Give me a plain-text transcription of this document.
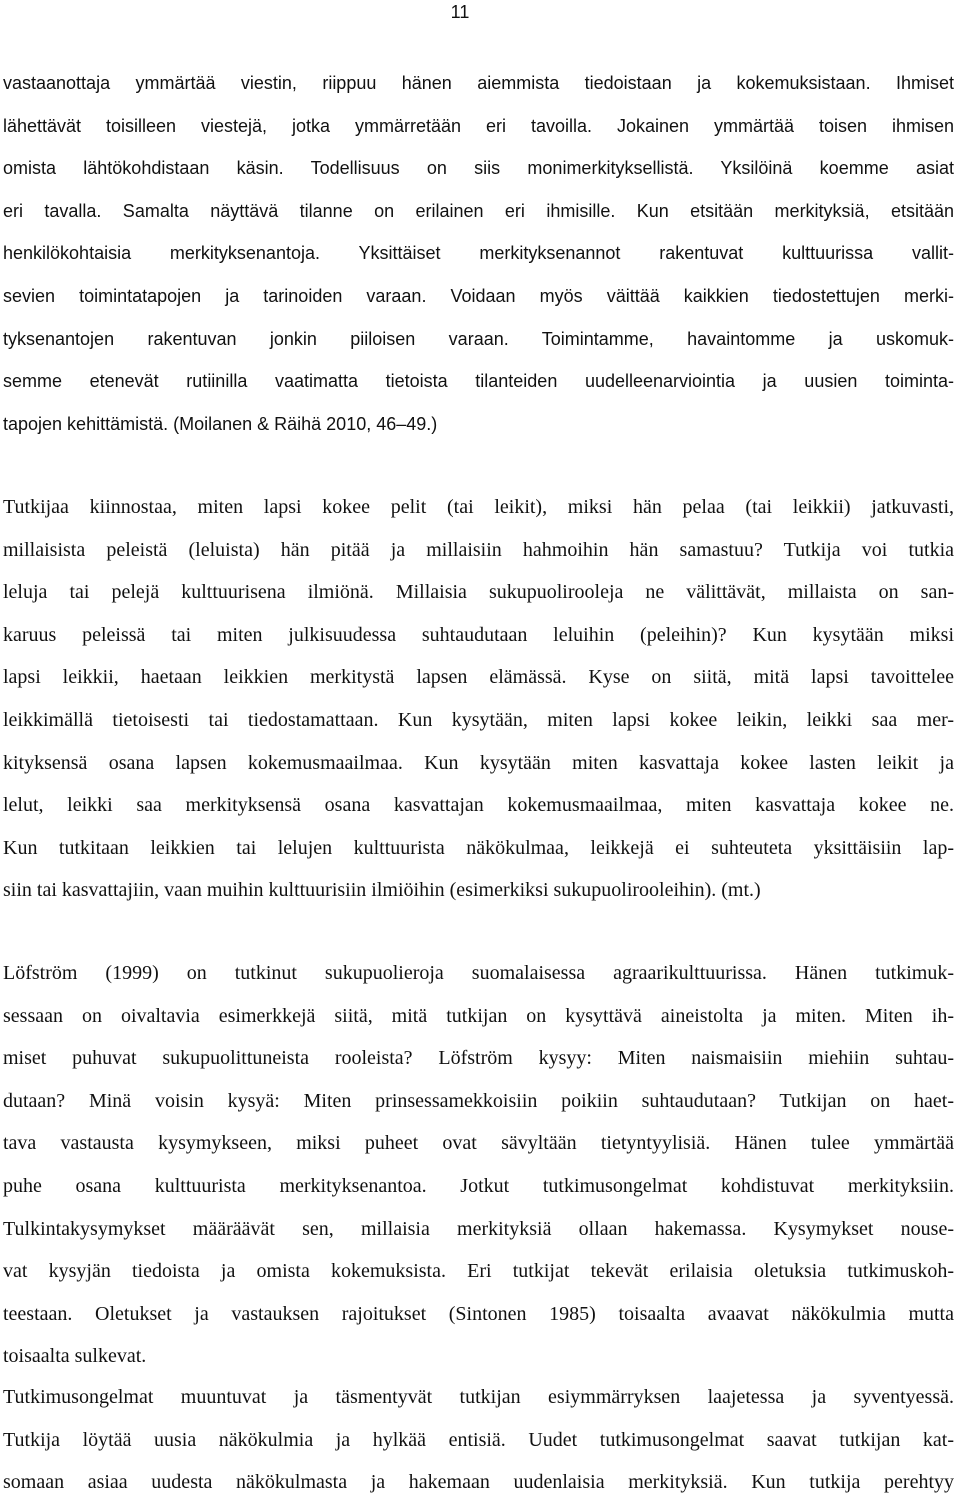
11
vastaanottaja ymmärtää viestin, riippuu hänen aiemmista tiedoistaan ja kokemuksistaan. Ihmiset
lähettävät toisilleen viestejä, jotka ymmärretään eri tavoilla. Jokainen ymmärtää toisen ihmisen
omista lähtökohdistaan käsin. Todellisuus on siis monimerkityksellistä. Yksilöinä koemme asiat
eri tavalla. Samalta näyttävä tilanne on erilainen eri ihmisille. Kun etsitään merkityksiä, etsitään
henkilökohtaisia merkityksenantoja. Yksittäiset merkityksenannot rakentuvat kulttuurissa vallit-
sevien toimintatapojen ja tarinoiden varaan. Voidaan myös väittää kaikkien tiedostettujen merki-
tyksenantojen rakentuvan jonkin piiloisen varaan. Toimintamme, havaintomme ja uskomuk-
semme etenevät rutiinilla vaatimatta tietoista tilanteiden uudelleenarviointia ja uusien toiminta-
tapojen kehittämistä. (Moilanen & Räihä 2010, 46–49.)
Tutkijaa kiinnostaa, miten lapsi kokee pelit (tai leikit), miksi hän pelaa (tai leikkii) jatkuvasti,
millaisista peleistä (leluista) hän pitää ja millaisiin hahmoihin hän samastuu? Tutkija voi tutkia
leluja tai pelejä kulttuurisena ilmiönä. Millaisia sukupuolirooleja ne välittävät, millaista on san-
karuus peleissä tai miten julkisuudessa suhtaudutaan leluihin (peleihin)? Kun kysytään miksi
lapsi leikkii, haetaan leikkien merkitystä lapsen elämässä. Kyse on siitä, mitä lapsi tavoittelee
leikkimällä tietoisesti tai tiedostamattaan. Kun kysytään, miten lapsi kokee leikin, leikki saa mer-
kityksensä osana lapsen kokemusmaailmaa. Kun kysytään miten kasvattaja kokee lasten leikit ja
lelut, leikki saa merkityksensä osana kasvattajan kokemusmaailmaa, miten kasvattaja kokee ne.
Kun tutkitaan leikkien tai lelujen kulttuurista näkökulmaa, leikkejä ei suhteuteta yksittäisiin lap-
siin tai kasvattajiin, vaan muihin kulttuurisiin ilmiöihin (esimerkiksi sukupuolirooleihin). (mt.)
Löfström (1999) on tutkinut sukupuolieroja suomalaisessa agraarikulttuurissa. Hänen tutkimuk-
sessaan on oivaltavia esimerkkejä siitä, mitä tutkijan on kysyttävä aineistolta ja miten. Miten ih-
miset puhuvat sukupuolittuneista rooleista? Löfström kysyy: Miten naismaisiin miehiin suhtau-
dutaan? Minä voisin kysyä: Miten prinsessamekkoisiin poikiin suhtaudutaan? Tutkijan on haet-
tava vastausta kysymykseen, miksi puheet ovat sävyltään tietyntyylisiä. Hänen tulee ymmärtää
puhe osana kulttuurista merkityksenantoa. Jotkut tutkimusongelmat kohdistuvat merkityksiin.
Tulkintakysymykset määräävät sen, millaisia merkityksiä ollaan hakemassa. Kysymykset nouse-
vat kysyjän tiedoista ja omista kokemuksista. Eri tutkijat tekevät erilaisia oletuksia tutkimuskoh-
teestaan. Oletukset ja vastauksen rajoitukset (Sintonen 1985) toisaalta avaavat näkökulmia mutta
toisaalta sulkevat.
Tutkimusongelmat muuntuvat ja täsmentyvät tutkijan esiymmärryksen laajetessa ja syventyessä.
Tutkija löytää uusia näkökulmia ja hylkää entisiä. Uudet tutkimusongelmat saavat tutkijan kat-
somaan asiaa uudesta näkökulmasta ja hakemaan uudenlaisia merkityksiä. Kun tutkija perehtyy
